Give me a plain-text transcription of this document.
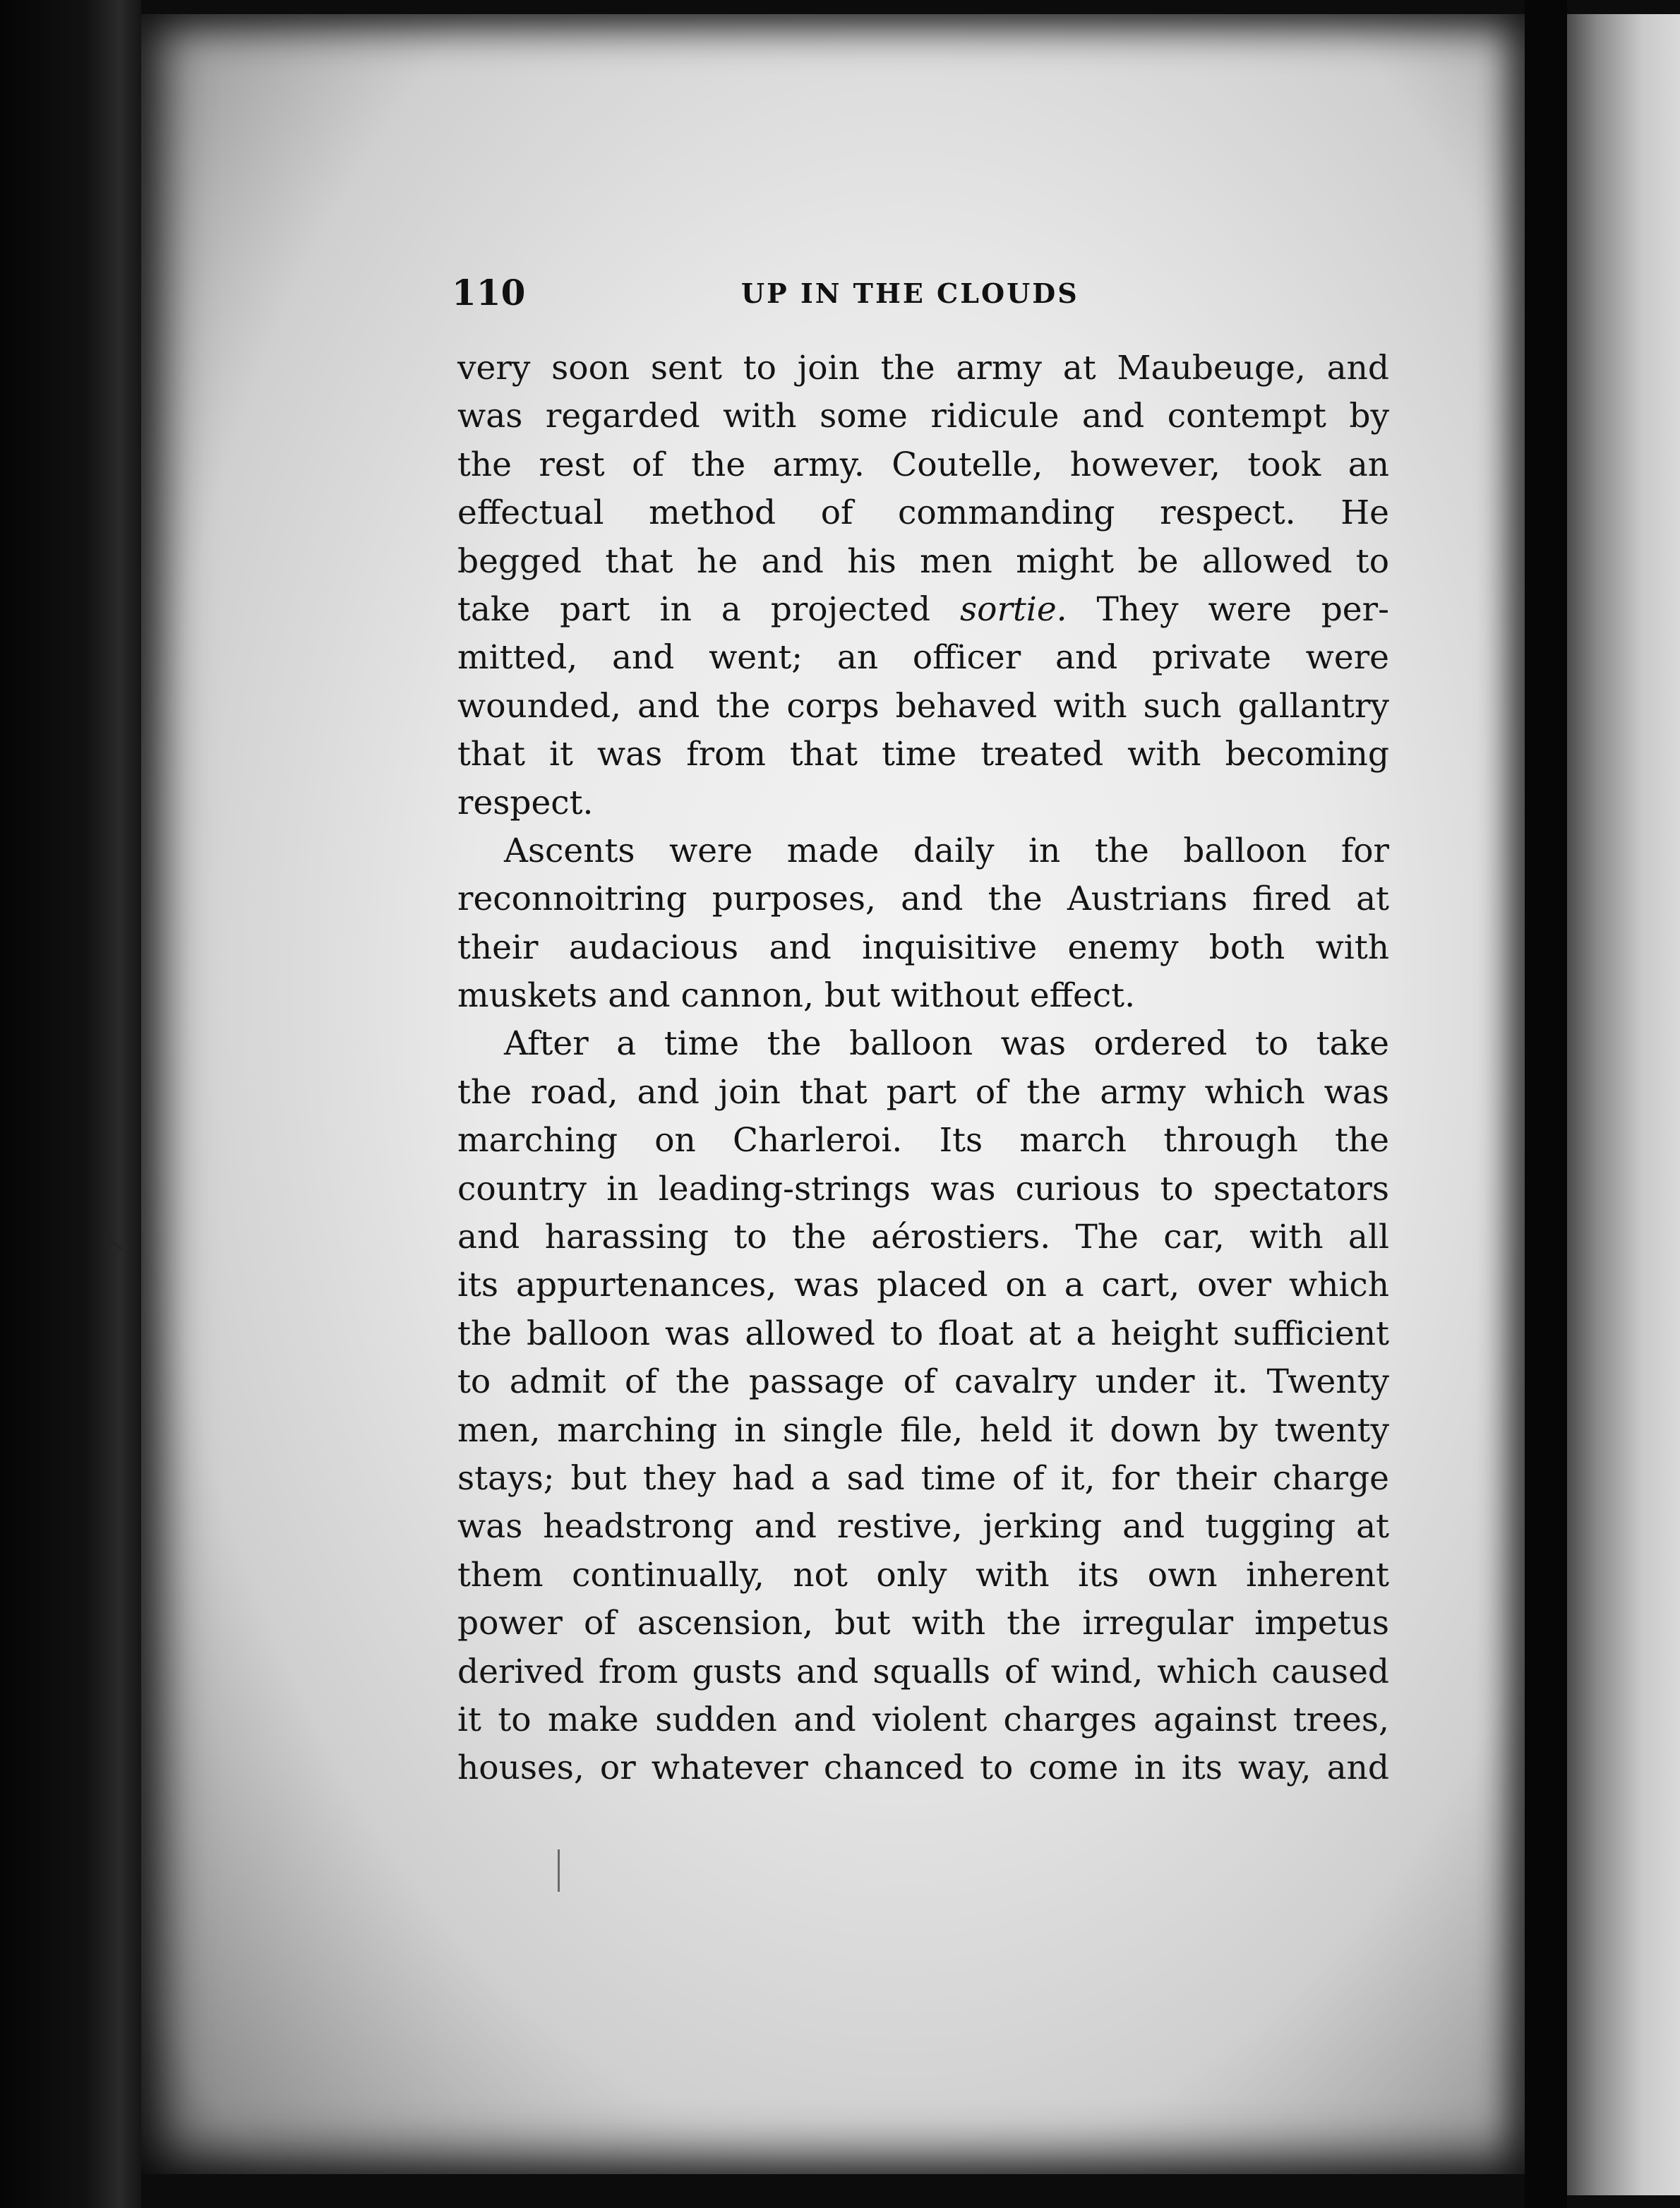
110	UP IN THE CLOUDS
very soon sent to join the army at Maubeuge, and
was regarded with some ridicule and contempt by
the rest of the army. Coutelle, however, took an
effectual method of commanding respect. He
begged that he and his men might be allowed to
take part in a projected sortie. They were per-
mitted, and went; an officer and private were
wounded, and the corps behaved with such gallantry
that it was from that time treated with becoming
respect.
Ascents were made daily in the balloon for
reconnoitring purposes, and the Austrians fired at
their audacious and inquisitive enemy both with
muskets and cannon, but without effect.
After a time the balloon was ordered to take
the road, and join that part of the army which was
marching on Charleroi. Its march through the
country in leading-strings was curious to spectators
and harassing to the aérostiers. The car, with all
its appurtenances, was placed on a cart, over which
the balloon was allowed to float at a height sufficient
to admit of the passage of cavalry under it. Twenty
men, marching in single file, held it down by twenty
stays; but they had a sad time of it, for their charge
was headstrong and restive, jerking and tugging at
them continually, not only with its own inherent
power of ascension, but with the irregular impetus
derived from gusts and squalls of wind, which caused
it to make sudden and violent charges against trees,
houses, or whatever chanced to come in its way, and
